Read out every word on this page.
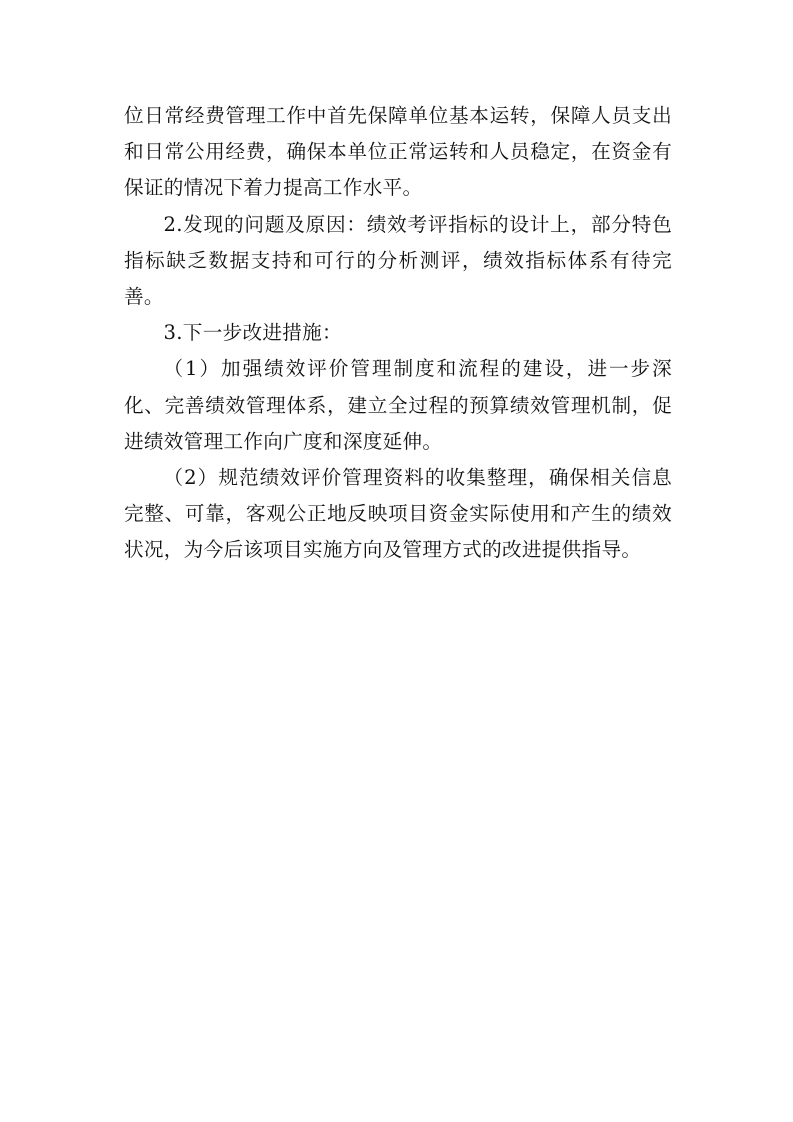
位日常经费管理工作中首先保障单位基本运转，保障人员支出和日常公用经费，确保本单位正常运转和人员稳定，在资金有保证的情况下着力提高工作水平。

2.发现的问题及原因：绩效考评指标的设计上，部分特色指标缺乏数据支持和可行的分析测评，绩效指标体系有待完善。

3.下一步改进措施：

（1）加强绩效评价管理制度和流程的建设，进一步深化、完善绩效管理体系，建立全过程的预算绩效管理机制，促进绩效管理工作向广度和深度延伸。

（2）规范绩效评价管理资料的收集整理，确保相关信息完整、可靠，客观公正地反映项目资金实际使用和产生的绩效状况，为今后该项目实施方向及管理方式的改进提供指导。
